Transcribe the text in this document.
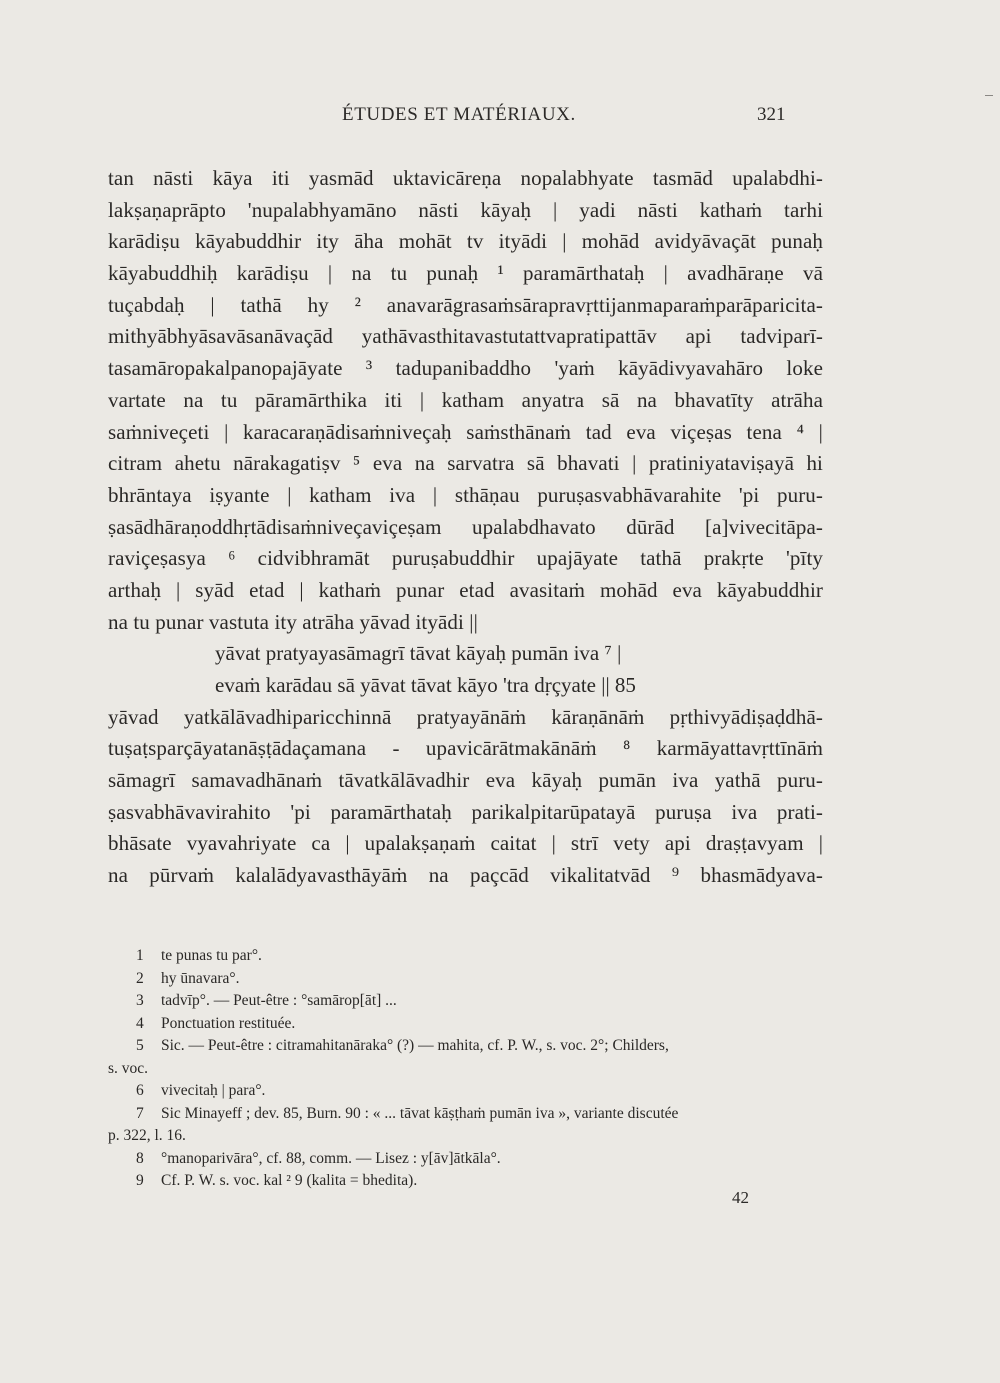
ÉTUDES ET MATÉRIAUX.	321
tan nāsti kāya iti yasmād uktavicāreṇa nopalabhyate tasmād upalabdhi-
lakṣaṇaprāpto 'nupalabhyamāno nāsti kāyaḥ | yadi nāsti kathaṁ tarhi
karādiṣu kāyabuddhir ity āha mohāt tv ityādi | mohād avidyāvaçāt punaḥ
kāyabuddhiḥ karādiṣu | na tu punaḥ ¹ paramārthataḥ | avadhāraṇe vā
tuçabdaḥ | tathā hy ² anavarāgrasaṁsārapravṛttijanmaparaṁparāparicita-
mithyābhyāsavāsanāvaçād yathāvasthitavastutattvapratipattāv api tadviparī-
tasamāropakalpanopajāyate ³ tadupanibaddho 'yaṁ kāyādivyavahāro loke
vartate na tu pāramārthika iti | katham anyatra sā na bhavatīty atrāha
saṁniveçeti | karacaraṇādisaṁniveçaḥ saṁsthānaṁ tad eva viçeṣas tena ⁴ |
citram ahetu nārakagatiṣv ⁵ eva na sarvatra sā bhavati | pratiniyataviṣayā hi
bhrāntaya iṣyante | katham iva | sthāṇau puruṣasvabhāvarahite 'pi puru-
ṣasādhāraṇoddhṛtādisaṁniveçaviçeṣam upalabdhavato dūrād [a]vivecitāpa-
raviçeṣasya ⁶ cidvibhramāt puruṣabuddhir upajāyate tathā prakṛte 'pīty
arthaḥ | syād etad | kathaṁ punar etad avasitaṁ mohād eva kāyabuddhir
na tu punar vastuta ity atrāha yāvad ityādi ||
yāvat pratyayasāmagrī tāvat kāyaḥ pumān iva ⁷ |
evaṁ karādau sā yāvat tāvat kāyo 'tra dṛçyate || 85
yāvad yatkālāvadhiparicchinnā pratyayānāṁ kāraṇānāṁ pṛthivyādiṣaḍdhā-
tuṣaṭsparçāyatanāṣṭādaçamana - upavicārātmakānāṁ ⁸ karmāyattavṛttīnāṁ
sāmagrī samavadhānaṁ tāvatkālāvadhir eva kāyaḥ pumān iva yathā puru-
ṣasvabhāvavirahito 'pi paramārthataḥ parikalpitarūpatayā puruṣa iva prati-
bhāsate vyavahriyate ca | upalakṣaṇaṁ caitat | strī vety api draṣṭavyam |
na pūrvaṁ kalalādyavasthāyāṁ na paçcād vikalitatvād ⁹ bhasmādyava-
1 te punas tu par°.
2 hy ūnavara°.
3 tadvīp°. — Peut-être : °samārop[āt] ...
4 Ponctuation restituée.
5 Sic. — Peut-être : citramahitanāraka° (?) — mahita, cf. P. W., s. voc. 2°; Childers,
s. voc.
6 vivecitaḥ | para°.
7 Sic Minayeff ; dev. 85, Burn. 90 : « ... tāvat kāṣṭhaṁ pumān iva », variante discutée
p. 322, l. 16.
8 °manoparivāra°, cf. 88, comm. — Lisez : y[āv]ātkāla°.
9 Cf. P. W. s. voc. kal ² 9 (kalita = bhedita).
42
